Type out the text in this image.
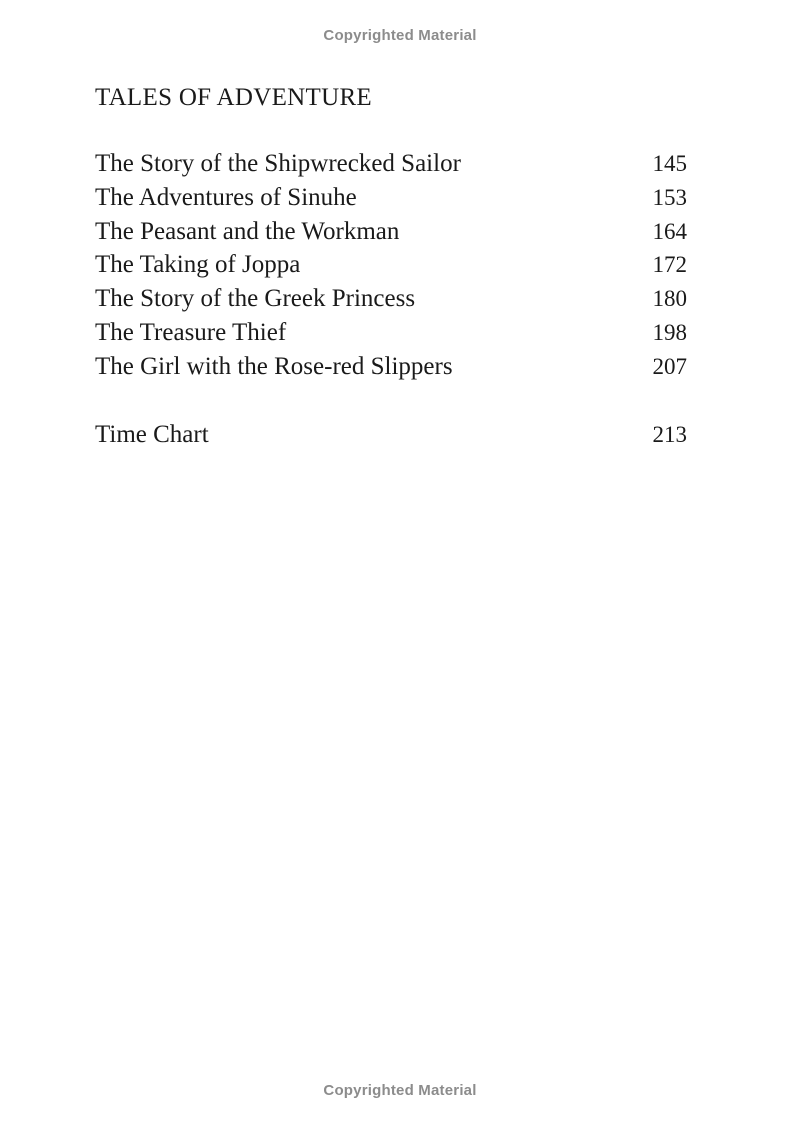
Copyrighted Material
TALES OF ADVENTURE
The Story of the Shipwrecked Sailor	145
The Adventures of Sinuhe	153
The Peasant and the Workman	164
The Taking of Joppa	172
The Story of the Greek Princess	180
The Treasure Thief	198
The Girl with the Rose-red Slippers	207
Time Chart	213
Copyrighted Material
